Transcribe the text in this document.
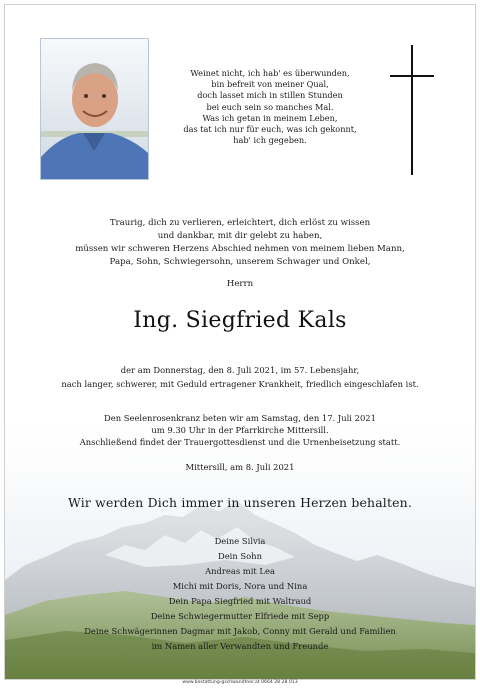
Weinet nicht, ich hab' es überwunden,
bin befreit von meiner Qual,
doch lasset mich in stillen Stunden
bei euch sein so manches Mal.
Was ich getan in meinem Leben,
das tat ich nur für euch, was ich gekonnt,
hab' ich gegeben.
Traurig, dich zu verlieren, erleichtert, dich erlöst zu wissen
und dankbar, mit dir gelebt zu haben,
müssen wir schweren Herzens Abschied nehmen von meinem lieben Mann,
Papa, Sohn, Schwiegersohn, unserem Schwager und Onkel,
Herrn
Ing. Siegfried Kals
der am Donnerstag, den 8. Juli 2021, im 57. Lebensjahr,
nach langer, schwerer, mit Geduld ertragener Krankheit, friedlich eingeschlafen ist.
Den Seelenrosenkranz beten wir am Samstag, den 17. Juli 2021
um 9.30 Uhr in der Pfarrkirche Mittersill.
Anschließend findet der Trauergottesdienst und die Urnenbeisetzung statt.
Mittersill, am 8. Juli 2021
Wir werden Dich immer in unseren Herzen behalten.
Deine Silvia
Dein Sohn
Andreas mit Lea
Michi mit Doris, Nora und Nina
Dein Papa Siegfried mit Waltraud
Deine Schwiegermutter Elfriede mit Sepp
Deine Schwägerinnen Dagmar mit Jakob, Conny mit Gerald und Familien
im Namen aller Verwandten und Freunde
www.bestattung-gschwandtner.at 0664 28 28 013
